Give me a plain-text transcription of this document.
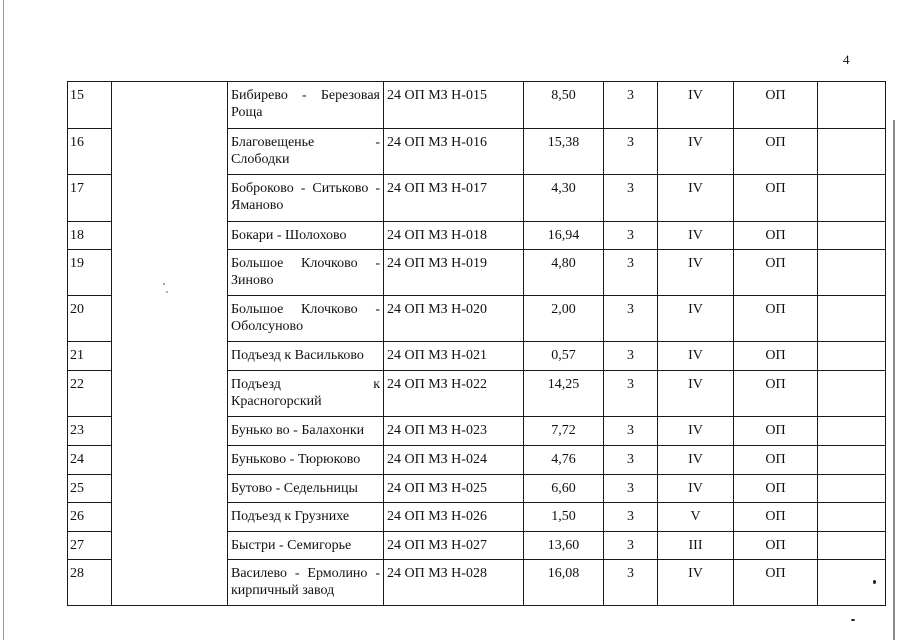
4
15		Бибирево - Березовая Роща	24 ОП МЗ Н-015	8,50	3	IV	ОП	
16		Благовещенье - Слободки	24 ОП МЗ Н-016	15,38	3	IV	ОП	
17		Боброково - Ситьково - Ямановo	24 ОП МЗ Н-017	4,30	3	IV	ОП	
18		Бокари - Шолохово	24 ОП МЗ Н-018	16,94	3	IV	ОП	
19		Большое Клочково - Зиново	24 ОП МЗ Н-019	4,80	3	IV	ОП	
20		Большое Клочково - Оболсуново	24 ОП МЗ Н-020	2,00	3	IV	ОП	
21		Подъезд к Васильково	24 ОП МЗ Н-021	0,57	3	IV	ОП	
22		Подъезд к Красногорский	24 ОП МЗ Н-022	14,25	3	IV	ОП	
23		Бунько во - Балахонки	24 ОП МЗ Н-023	7,72	3	IV	ОП	
24		Буньково - Тюрюково	24 ОП МЗ Н-024	4,76	3	IV	ОП	
25		Бутово - Седельницы	24 ОП МЗ Н-025	6,60	3	IV	ОП	
26		Подъезд к Грузнихе	24 ОП МЗ Н-026	1,50	3	V	ОП	
27		Быстри - Семигорье	24 ОП МЗ Н-027	13,60	3	III	ОП	
28		Василево - Ермолино - кирпичный завод	24 ОП МЗ Н-028	16,08	3	IV	ОП	
